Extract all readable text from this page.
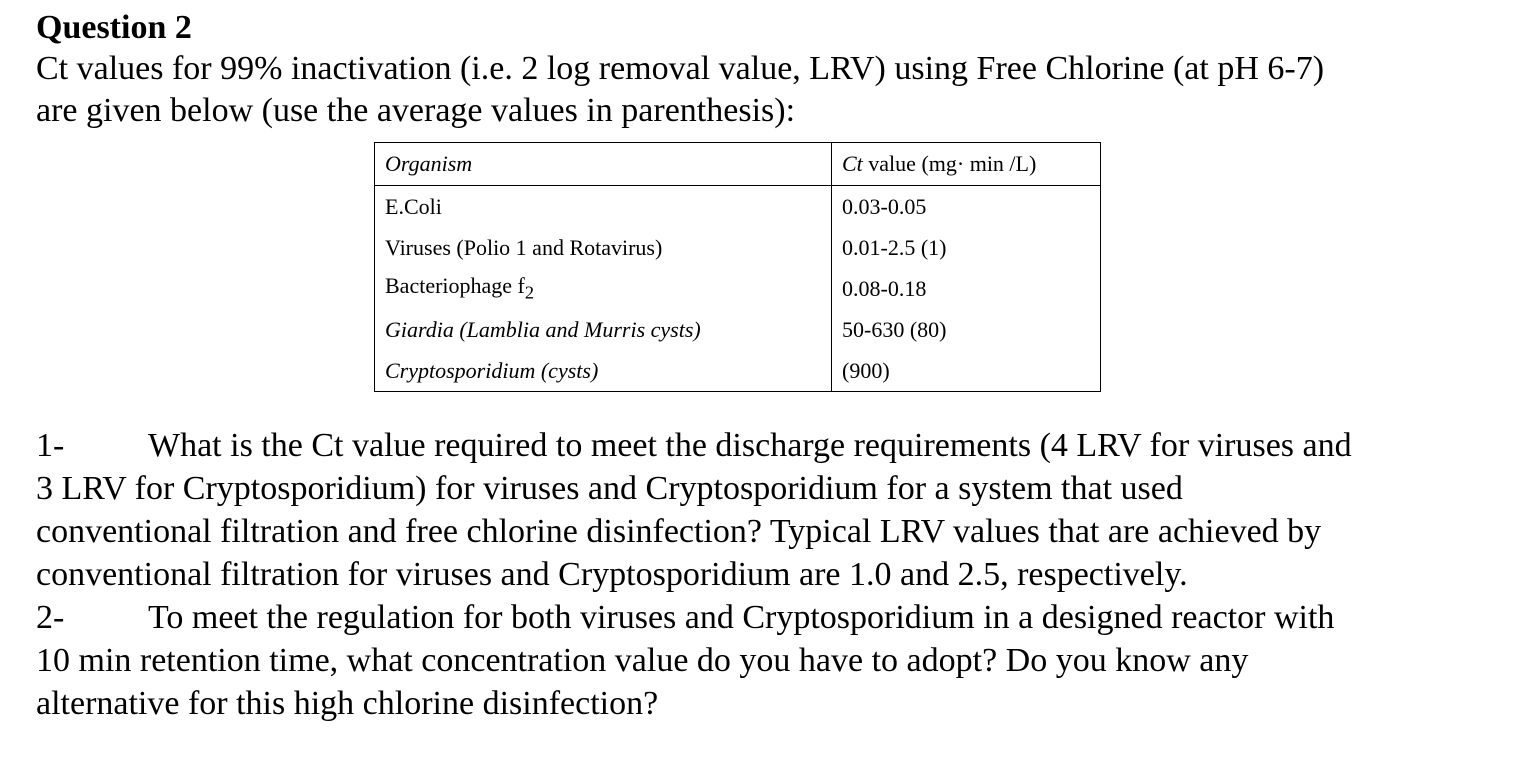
Question 2

Ct values for 99% inactivation (i.e. 2 log removal value, LRV) using Free Chlorine (at pH 6-7)

are given below (use the average values in parenthesis):

Organism	Ct value (mg· min /L)
E.Coli	0.03-0.05
Viruses (Polio 1 and Rotavirus)	0.01-2.5 (1)
Bacteriophage $f_2$	0.08-0.18
Giardia (Lamblia and Murris cysts)	50-630 (80)
Cryptosporidium (cysts)	(900)

1- What is the Ct value required to meet the discharge requirements (4 LRV for viruses and

3 LRV for Cryptosporidium) for viruses and Cryptosporidium for a system that used

conventional filtration and free chlorine disinfection? Typical LRV values that are achieved by

conventional filtration for viruses and Cryptosporidium are 1.0 and 2.5, respectively.

2- To meet the regulation for both viruses and Cryptosporidium in a designed reactor with

10 min retention time, what concentration value do you have to adopt? Do you know any

alternative for this high chlorine disinfection?
